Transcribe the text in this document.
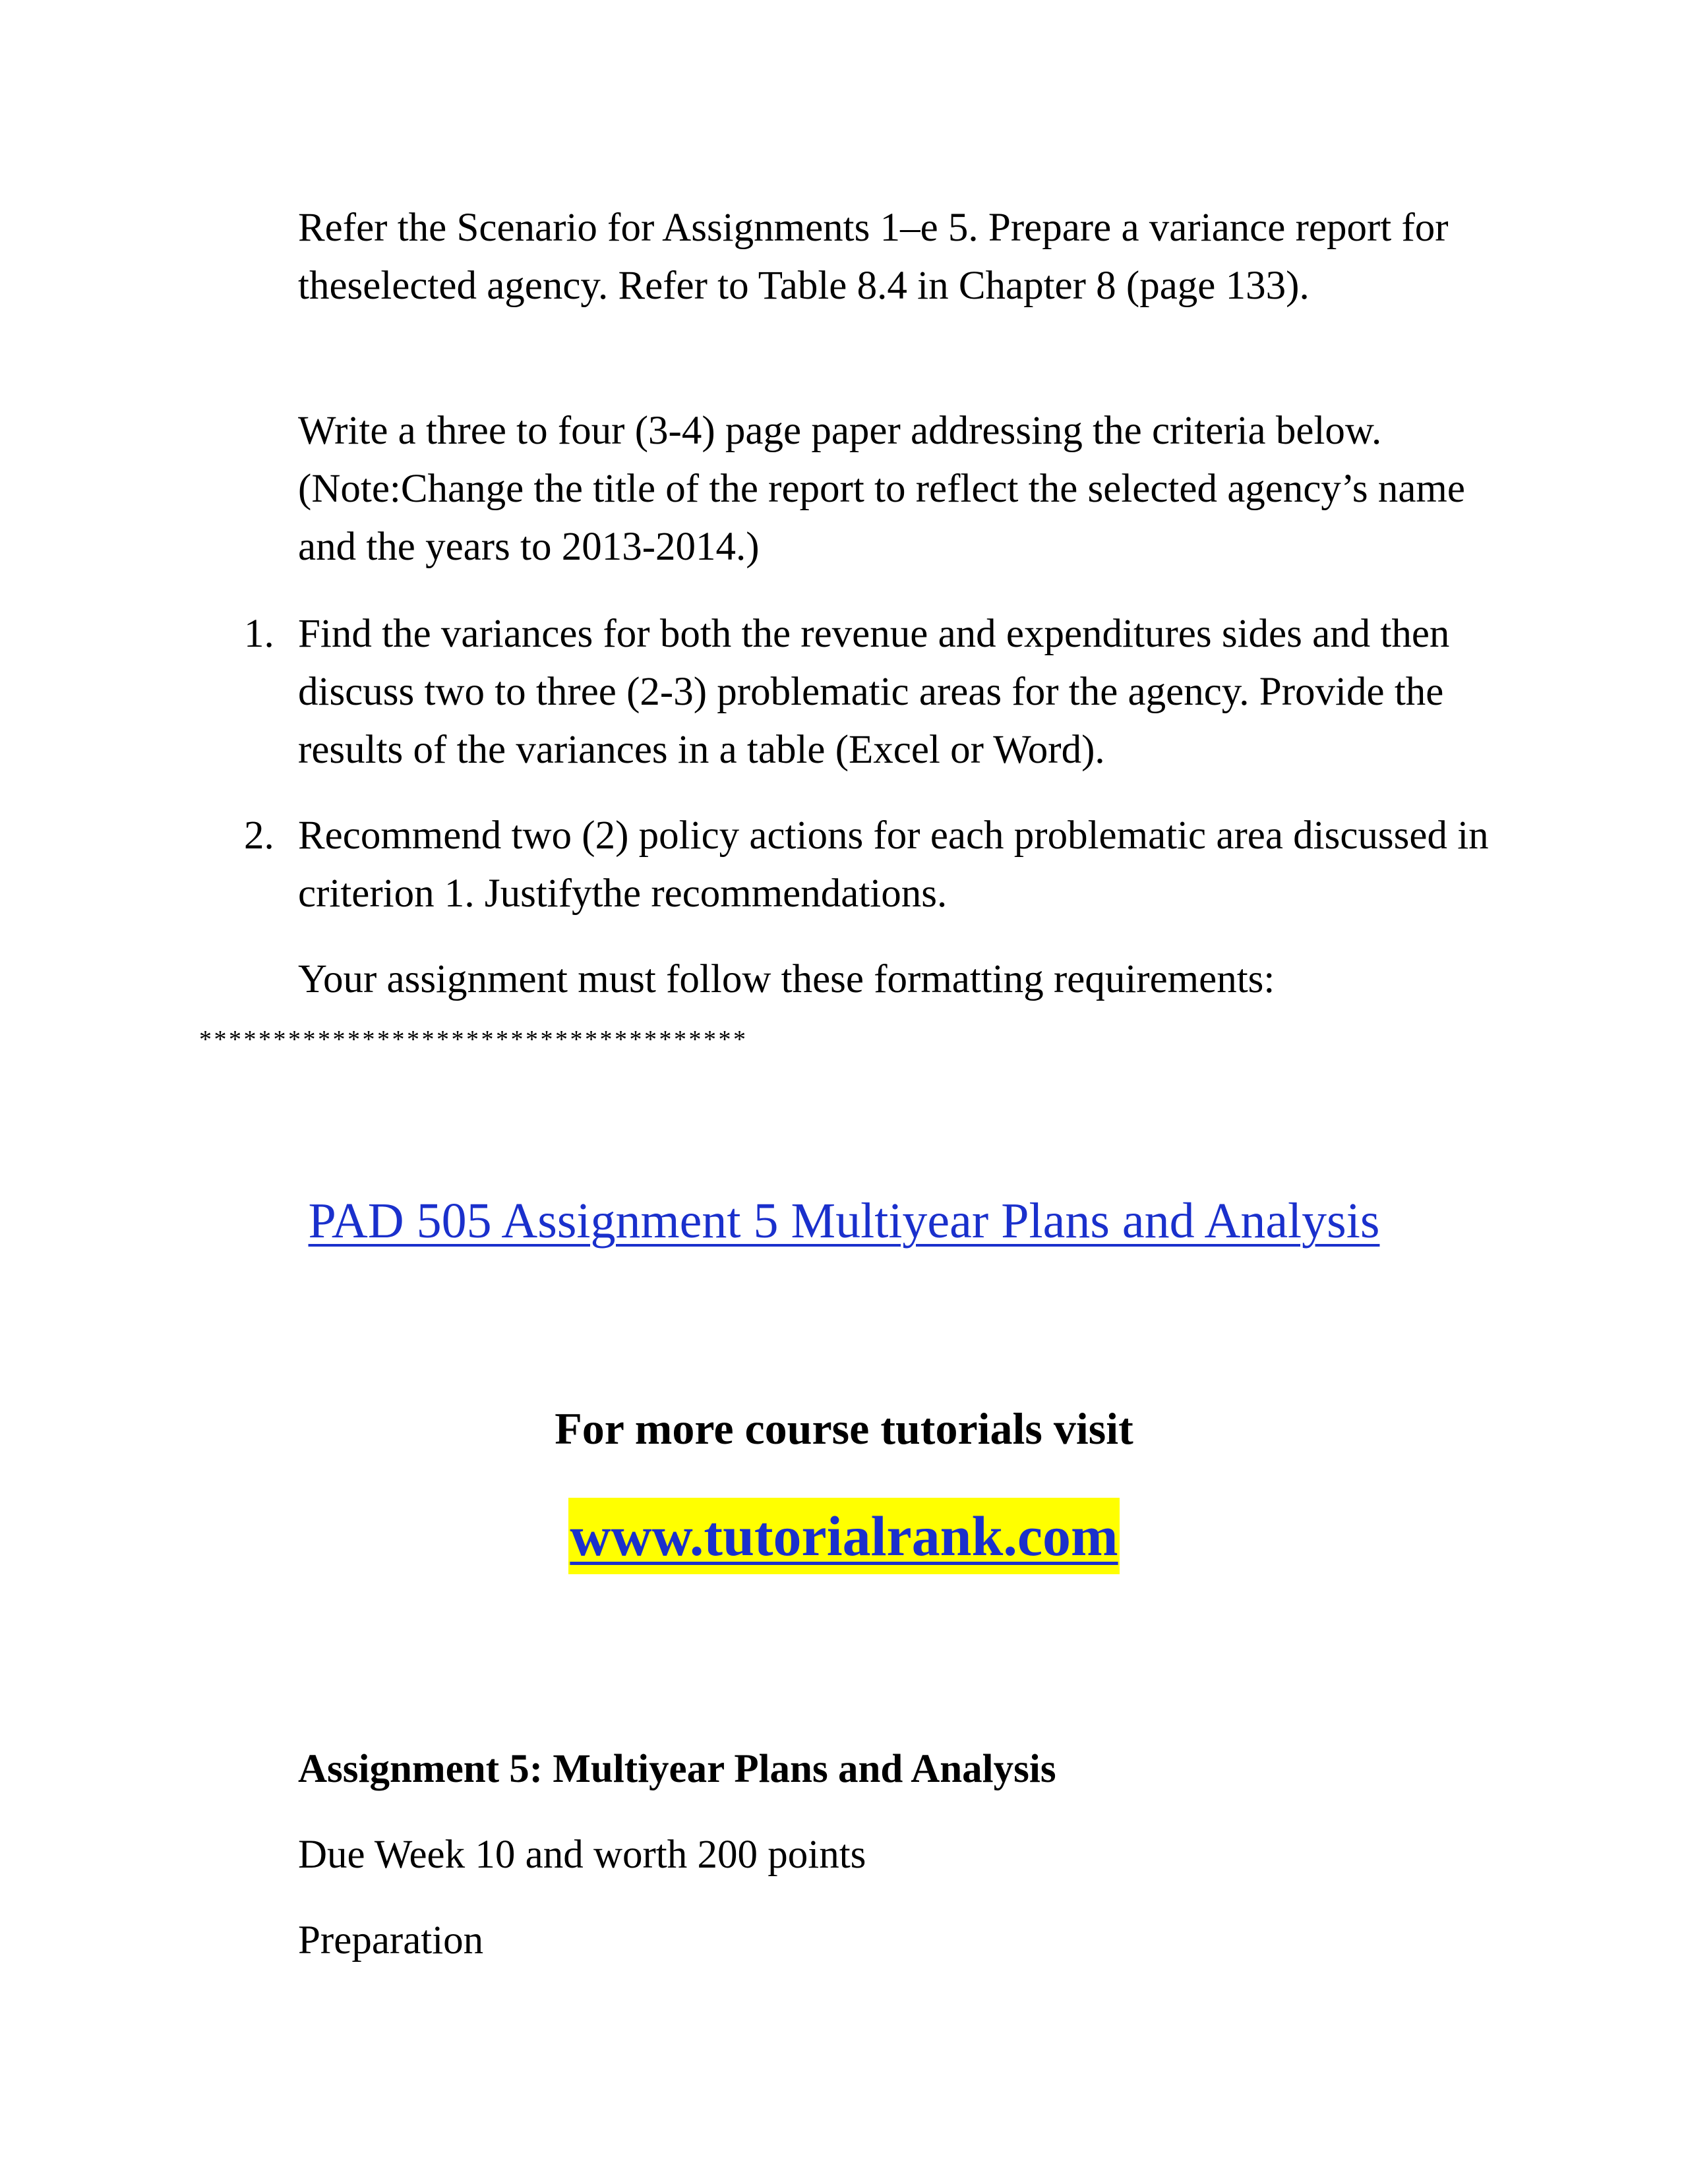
Refer the Scenario for Assignments 1–e 5. Prepare a variance report for theselected agency. Refer to Table 8.4 in Chapter 8 (page 133).

Write a three to four (3-4) page paper addressing the criteria below.(Note:Change the title of the report to reflect the selected agency’s name and the years to 2013-2014.)

1. Find the variances for both the revenue and expenditures sides and then discuss two to three (2-3) problematic areas for the agency. Provide the results of the variances in a table (Excel or Word).
2. Recommend two (2) policy actions for each problematic area discussed in criterion 1. Justifythe recommendations.

Your assignment must follow these formatting requirements:

*************************************
PAD 505 Assignment 5 Multiyear Plans and Analysis
For more course tutorials visit
www.tutorialrank.com

Assignment 5: Multiyear Plans and Analysis

Due Week 10 and worth 200 points

Preparation
